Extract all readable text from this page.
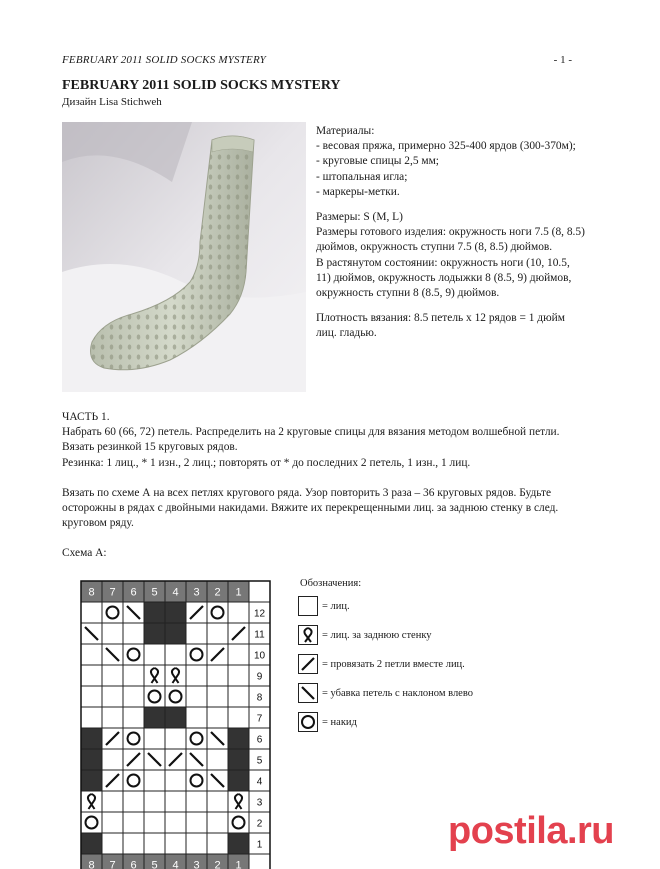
FEBRUARY 2011 SOLID SOCKS MYSTERY	- 1 -
FEBRUARY 2011 SOLID SOCKS MYSTERY
Дизайн Lisa Stichweh

Материалы:

- весовая пряжа, примерно 325-400 ярдов (300-370м);

- круговые спицы 2,5 мм;

- штопальная игла;

- маркеры-метки.

Размеры: S (M, L)

Размеры готового изделия: окружность ноги 7.5 (8, 8.5) дюймов, окружность ступни 7.5 (8, 8.5) дюймов.

В растянутом состоянии: окружность ноги (10, 10.5, 11) дюймов, окружность лодыжки 8 (8.5, 9) дюймов, окружность ступни 8 (8.5, 9) дюймов.

Плотность вязания: 8.5 петель х 12 рядов = 1 дюйм лиц. гладью.

ЧАСТЬ 1.

Набрать 60 (66, 72) петель. Распределить на 2 круговые спицы для вязания методом волшебной петли. Вязать резинкой 15 круговых рядов.

Резинка: 1 лиц., * 1 изн., 2 лиц.; повторять от * до последних 2 петель, 1 изн., 1 лиц.

Вязать по схеме А на всех петлях кругового ряда. Узор повторить 3 раза – 36 круговых рядов. Будьте осторожны в рядах с двойными накидами. Вяжите их перекрещенными лиц. за заднюю стенку в след. круговом ряду.

Схема А:

8 7 6 5 4 3 2 1
8 7 6 5 4 3 2 1
12
11
10
9
8
7
6
5
4
3
2
1
Обозначения:
= лиц.
= лиц. за заднюю стенку
= провязать 2 петли вместе лиц.
= убавка петель с наклоном влево
= накид
postila.ru
